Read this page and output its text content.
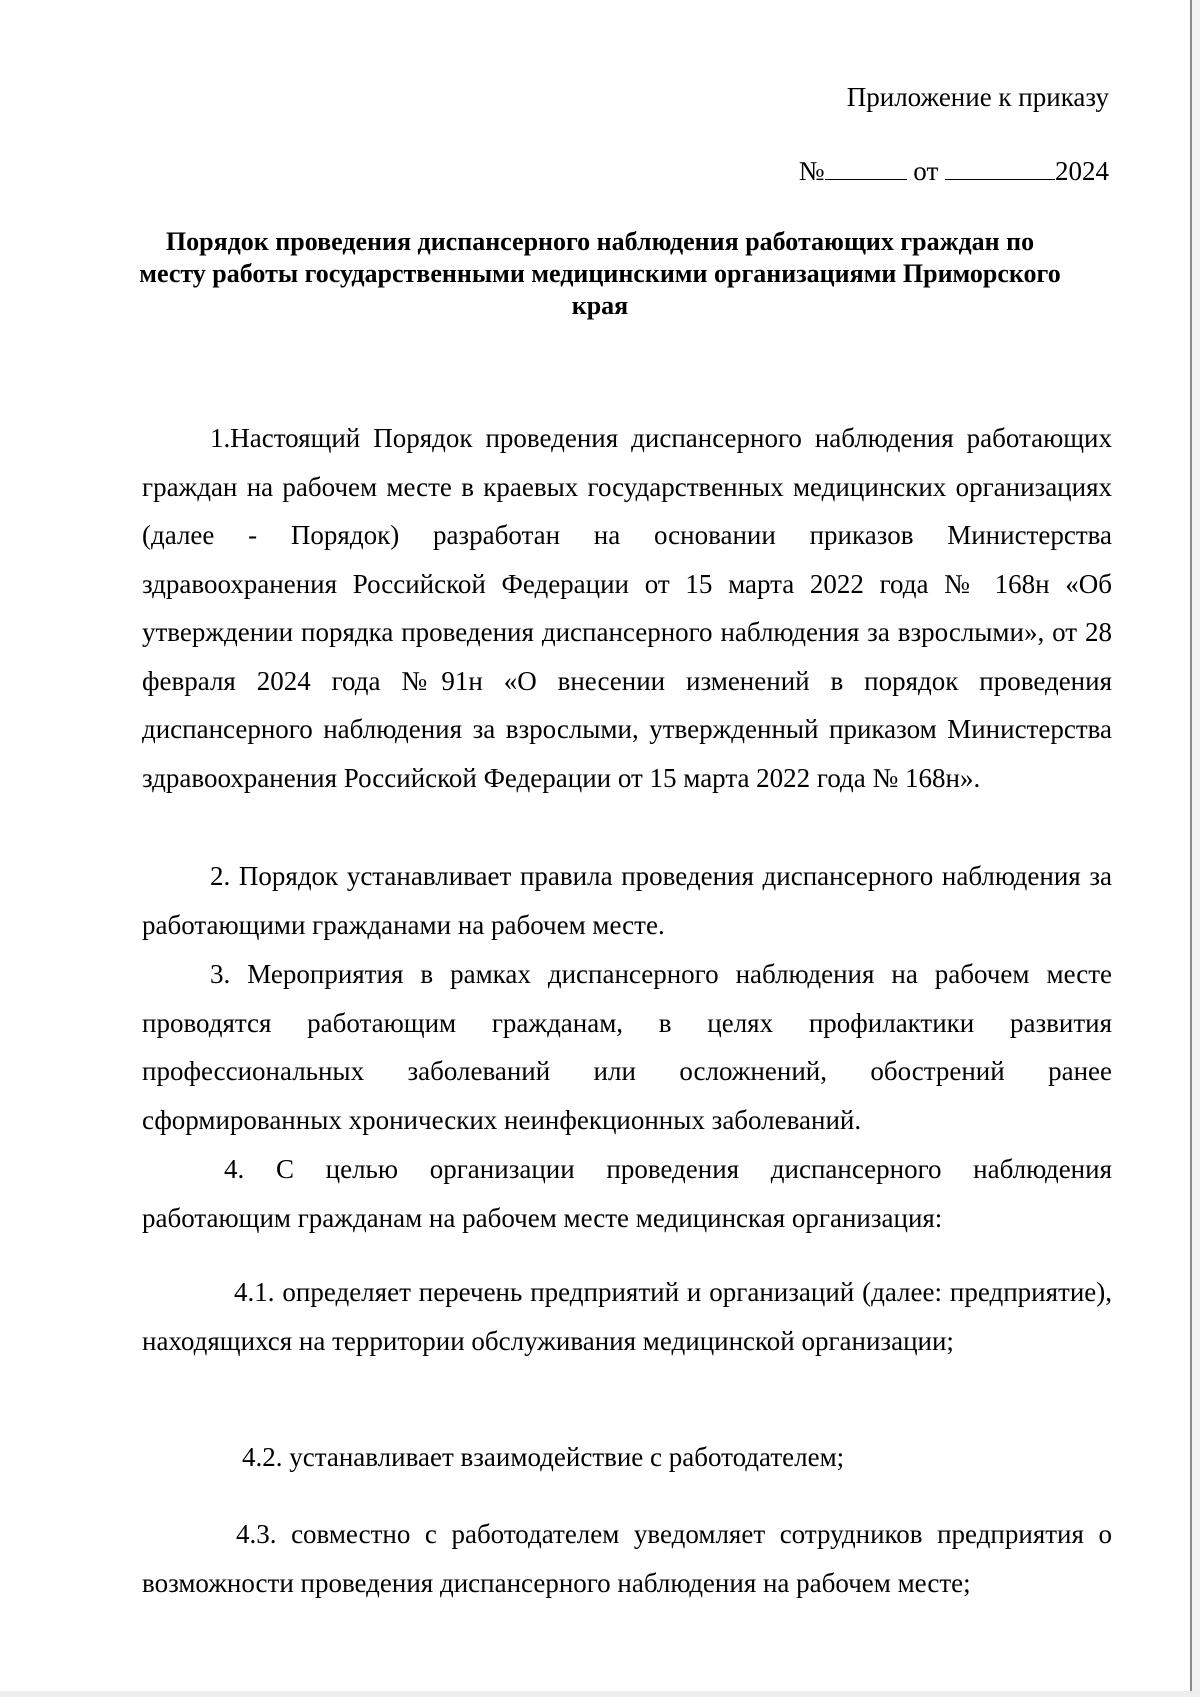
Приложение к приказу
№	от	2024
Порядок проведения диспансерного наблюдения работающих граждан по месту работы государственными медицинскими организациями Приморского края

1.Настоящий Порядок проведения диспансерного наблюдения работающих граждан на рабочем месте в краевых государственных медицинских организациях (далее - Порядок) разработан на основании приказов Министерства здравоохранения Российской Федерации от 15 марта 2022 года № 168н «Об утверждении порядка проведения диспансерного наблюдения за взрослыми», от 28 февраля 2024 года №91н «О внесении изменений в порядок проведения диспансерного наблюдения за взрослыми, утвержденный приказом Министерства здравоохранения Российской Федерации от 15 марта 2022 года № 168н».

2. Порядок устанавливает правила проведения диспансерного наблюдения за работающими гражданами на рабочем месте.

3. Мероприятия в рамках диспансерного наблюдения на рабочем месте проводятся работающим гражданам, в целях профилактики развития профессиональных заболеваний или осложнений, обострений ранее сформированных хронических неинфекционных заболеваний.

4. С целью организации проведения диспансерного наблюдения работающим гражданам на рабочем месте медицинская организация:

4.1. определяет перечень предприятий и организаций (далее: предприятие), находящихся на территории обслуживания медицинской организации;

4.2. устанавливает взаимодействие с работодателем;

4.3. совместно с работодателем уведомляет сотрудников предприятия о возможности проведения диспансерного наблюдения на рабочем месте;
